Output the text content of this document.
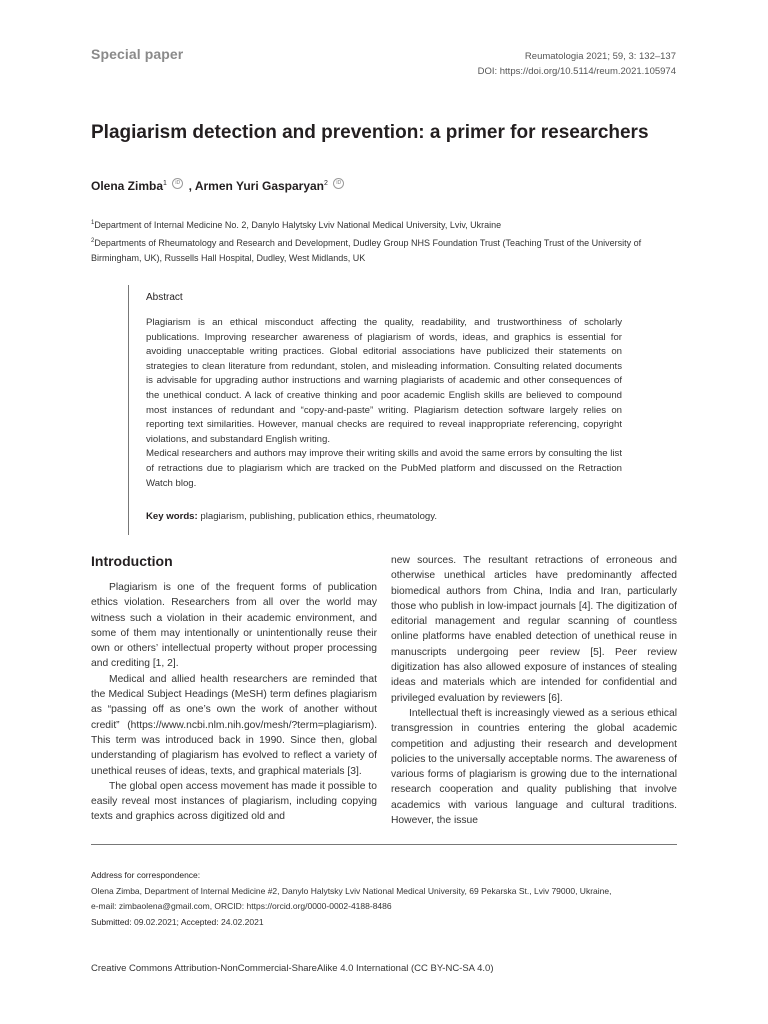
Special paper	Reumatologia 2021; 59, 3: 132–137
DOI: https://doi.org/10.5114/reum.2021.105974
Plagiarism detection and prevention: a primer for researchers
Olena Zimba$^1$ iD , Armen Yuri Gasparyan$^2$ iD

$^1$Department of Internal Medicine No. 2, Danylo Halytsky Lviv National Medical University, Lviv, Ukraine

$^2$Departments of Rheumatology and Research and Development, Dudley Group NHS Foundation Trust (Teaching Trust of the University of Birmingham, UK), Russells Hall Hospital, Dudley, West Midlands, UK

Abstract

Plagiarism is an ethical misconduct affecting the quality, readability, and trustworthiness of scholarly publications. Improving researcher awareness of plagiarism of words, ideas, and graphics is essential for avoiding unacceptable writing practices. Global editorial associations have publicized their statements on strategies to clean literature from redundant, stolen, and misleading information. Consulting related documents is advisable for upgrading author instructions and warning plagiarists of academic and other consequences of the unethical conduct. A lack of creative thinking and poor academic English skills are believed to compound most instances of redundant and “copy-and-paste” writing. Plagiarism detection software largely relies on reporting text similarities. However, manual checks are required to reveal inappropriate referencing, copyright violations, and substandard English writing.

Medical researchers and authors may improve their writing skills and avoid the same errors by consulting the list of retractions due to plagiarism which are tracked on the PubMed platform and discussed on the Retraction Watch blog.

Key words: plagiarism, publishing, publication ethics, rheumatology.
Introduction

Plagiarism is one of the frequent forms of publication ethics violation. Researchers from all over the world may witness such a violation in their academic environment, and some of them may intentionally or unintentionally reuse their own or others’ intellectual property without proper processing and crediting [1, 2].

Medical and allied health researchers are reminded that the Medical Subject Headings (MeSH) term defines plagiarism as “passing off as one’s own the work of another without credit” (https://www.ncbi.nlm.nih.gov/mesh/?term=plagiarism). This term was introduced back in 1990. Since then, global understanding of plagiarism has evolved to reflect a variety of unethical reuses of ideas, texts, and graphical materials [3].

The global open access movement has made it possible to easily reveal most instances of plagiarism, including copying texts and graphics across digitized old and

new sources. The resultant retractions of erroneous and otherwise unethical articles have predominantly affected biomedical authors from China, India and Iran, particularly those who publish in low-impact journals [4]. The digitization of editorial management and regular scanning of countless online platforms have enabled detection of unethical reuse in manuscripts undergoing peer review [5]. Peer review digitization has also allowed exposure of instances of stealing ideas and materials which are intended for confidential and privileged evaluation by reviewers [6].

Intellectual theft is increasingly viewed as a serious ethical transgression in countries entering the global academic competition and adjusting their research and development policies to the universally acceptable norms. The awareness of various forms of plagiarism is growing due to the international research cooperation and quality publishing that involve academics with various language and cultural traditions. However, the issue

Address for correspondence:

Olena Zimba, Department of Internal Medicine #2, Danylo Halytsky Lviv National Medical University, 69 Pekarska St., Lviv 79000, Ukraine,

e-mail: zimbaolena@gmail.com, ORCID: https://orcid.org/0000-0002-4188-8486

Submitted: 09.02.2021; Accepted: 24.02.2021

Creative Commons Attribution-NonCommercial-ShareAlike 4.0 International (CC BY-NC-SA 4.0)
